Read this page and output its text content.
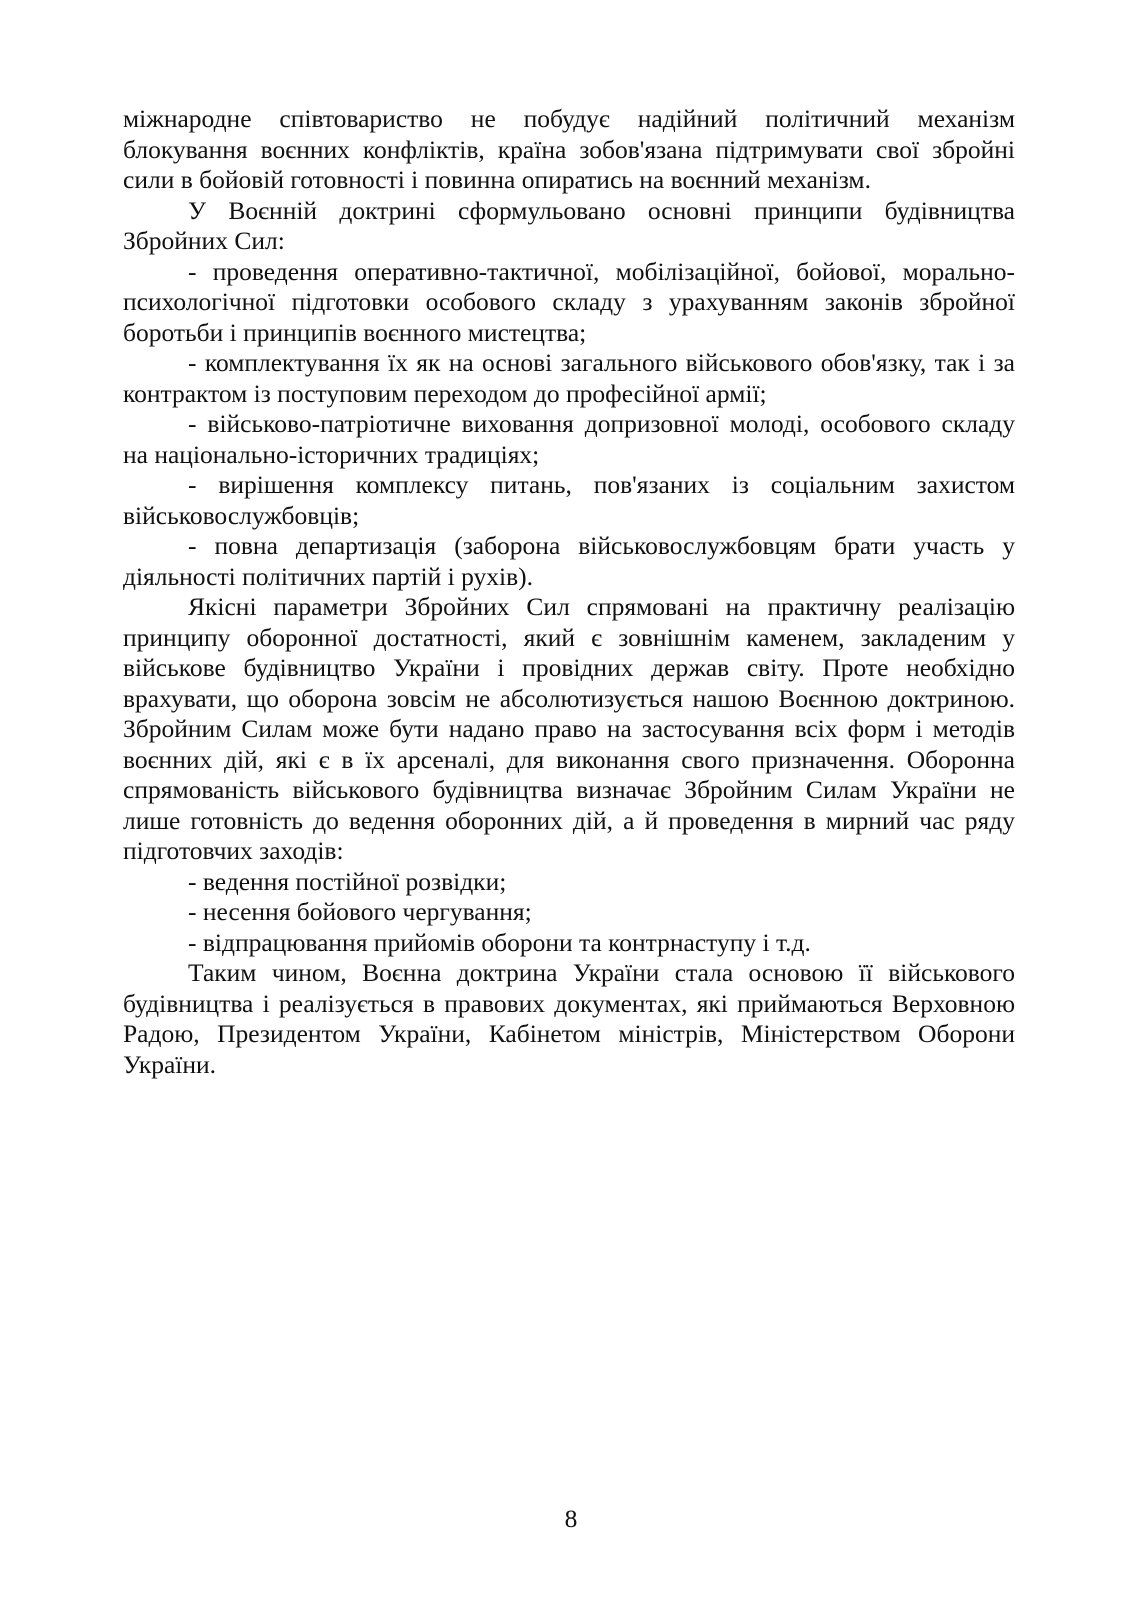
міжнародне співтовариство не побудує надійний політичний механізм блокування воєнних конфліктів, країна зобов'язана підтримувати свої збройні сили в бойовій готовності і повинна опиратись на воєнний механізм.

У Воєнній доктрині сформульовано основні принципи будівництва Збройних Сил:

- проведення оперативно-тактичної, мобілізаційної, бойової, морально-психологічної підготовки особового складу з урахуванням законів збройної боротьби і принципів воєнного мистецтва;

- комплектування їх як на основі загального військового обов'язку, так і за контрактом із поступовим переходом до професійної армії;

- військово-патріотичне виховання допризовної молоді, особового складу на національно-історичних традиціях;

- вирішення комплексу питань, пов'язаних із соціальним захистом військовослужбовців;

- повна департизація (заборона військовослужбовцям брати участь у діяльності політичних партій і рухів).

Якісні параметри Збройних Сил спрямовані на практичну реалізацію принципу оборонної достатності, який є зовнішнім каменем, закладеним у військове будівництво України і провідних держав світу. Проте необхідно врахувати, що оборона зовсім не абсолютизується нашою Воєнною доктриною. Збройним Силам може бути надано право на застосування всіх форм і методів воєнних дій, які є в їх арсеналі, для виконання свого призначення. Оборонна спрямованість військового будівництва визначає Збройним Силам України не лише готовність до ведення оборонних дій, а й проведення в мирний час ряду підготовчих заходів:

- ведення постійної розвідки;

- несення бойового чергування;

- відпрацювання прийомів оборони та контрнаступу і т.д.

Таким чином, Воєнна доктрина України стала основою її військового будівництва і реалізується в правових документах, які приймаються Верховною Радою, Президентом України, Кабінетом міністрів, Міністерством Оборони України.

8
